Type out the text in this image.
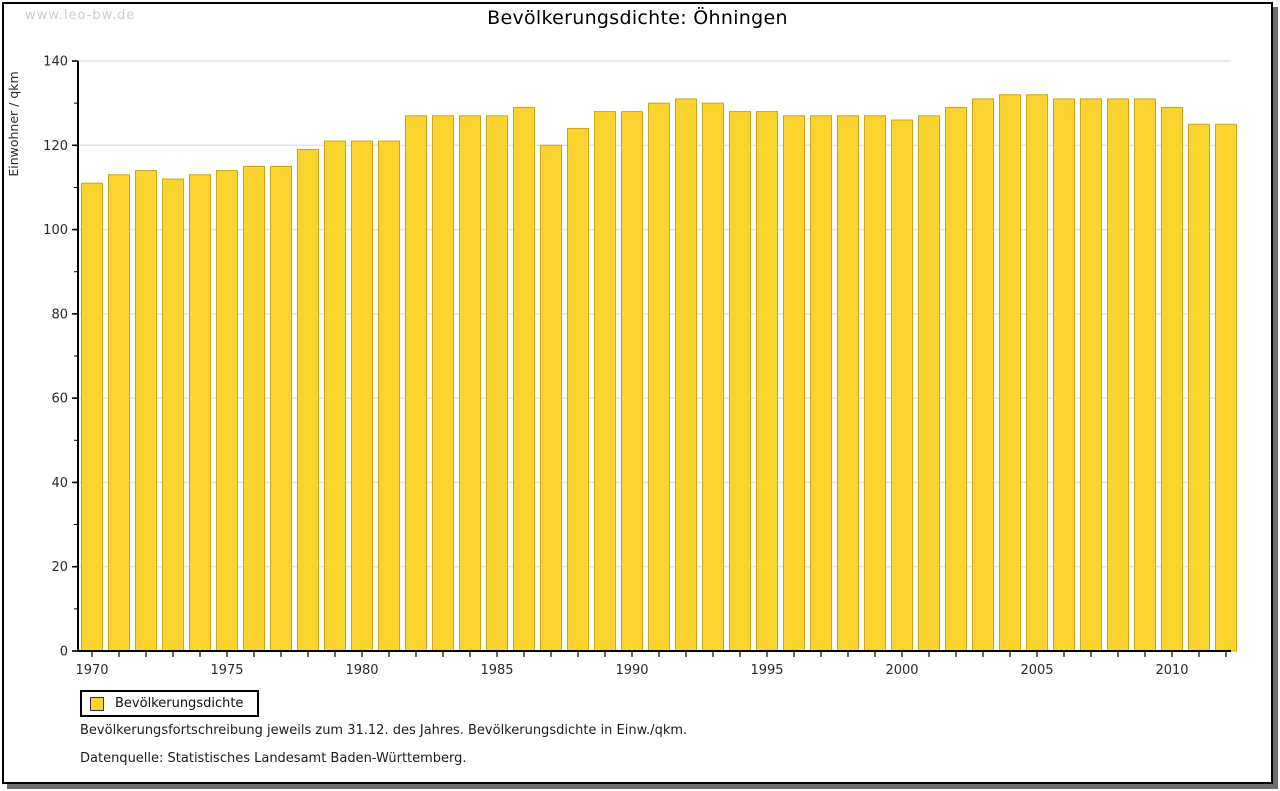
www.leo-bw.de	Bevölkerungsdichte: Öhningen
0
20
40
60
80
100
120
140
1970	1975	1980	1985	1990	1995	2000	2005	2010
Einwohner / qkm
Bevölkerungsdichte
Bevölkerungsfortschreibung jeweils zum 31.12. des Jahres. Bevölkerungsdichte in Einw./qkm.
Datenquelle: Statistisches Landesamt Baden-Württemberg.
